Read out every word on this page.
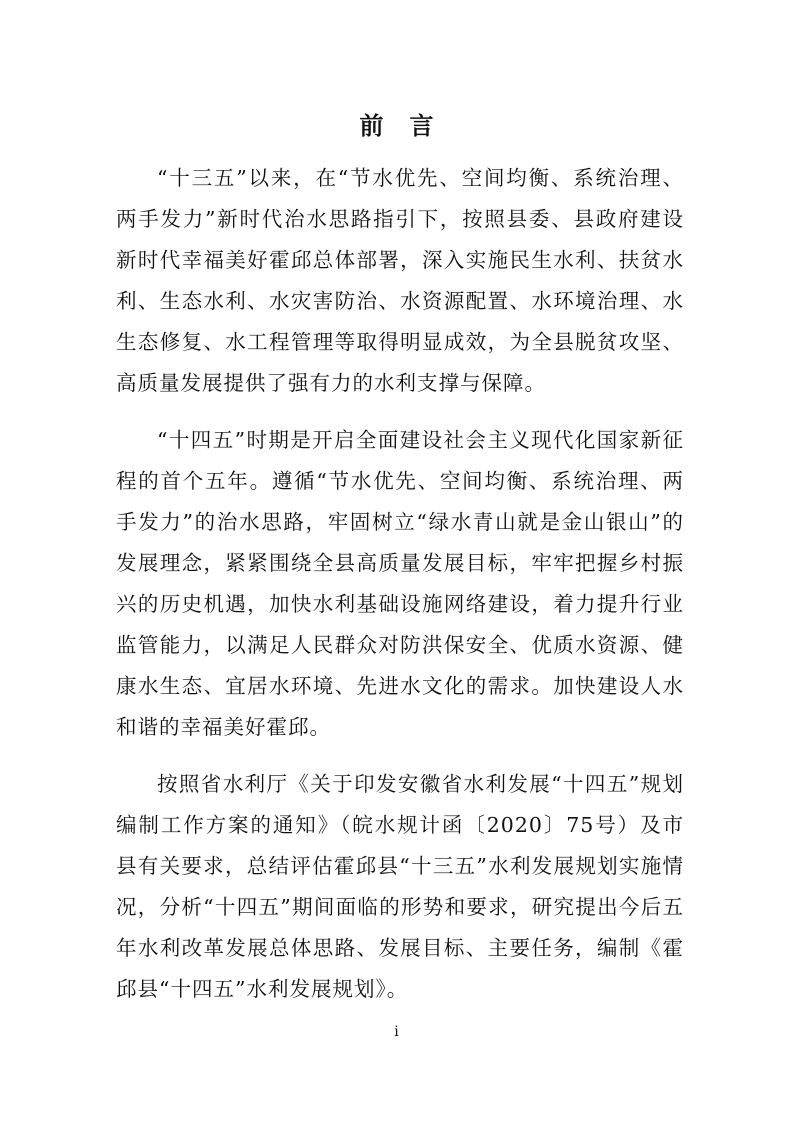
前言

“十三五”以来，在“节水优先、空间均衡、系统治理、两手发力”新时代治水思路指引下，按照县委、县政府建设新时代幸福美好霍邱总体部署，深入实施民生水利、扶贫水利、生态水利、水灾害防治、水资源配置、水环境治理、水生态修复、水工程管理等取得明显成效，为全县脱贫攻坚、高质量发展提供了强有力的水利支撑与保障。

“十四五”时期是开启全面建设社会主义现代化国家新征程的首个五年。遵循“节水优先、空间均衡、系统治理、两手发力”的治水思路，牢固树立“绿水青山就是金山银山”的发展理念，紧紧围绕全县高质量发展目标，牢牢把握乡村振兴的历史机遇，加快水利基础设施网络建设，着力提升行业监管能力，以满足人民群众对防洪保安全、优质水资源、健康水生态、宜居水环境、先进水文化的需求。加快建设人水和谐的幸福美好霍邱。

按照省水利厅《关于印发安徽省水利发展“十四五”规划编制工作方案的通知》（皖水规计函〔2020〕75号）及市县有关要求，总结评估霍邱县“十三五”水利发展规划实施情况，分析“十四五”期间面临的形势和要求，研究提出今后五年水利改革发展总体思路、发展目标、主要任务，编制《霍邱县“十四五”水利发展规划》。

i
